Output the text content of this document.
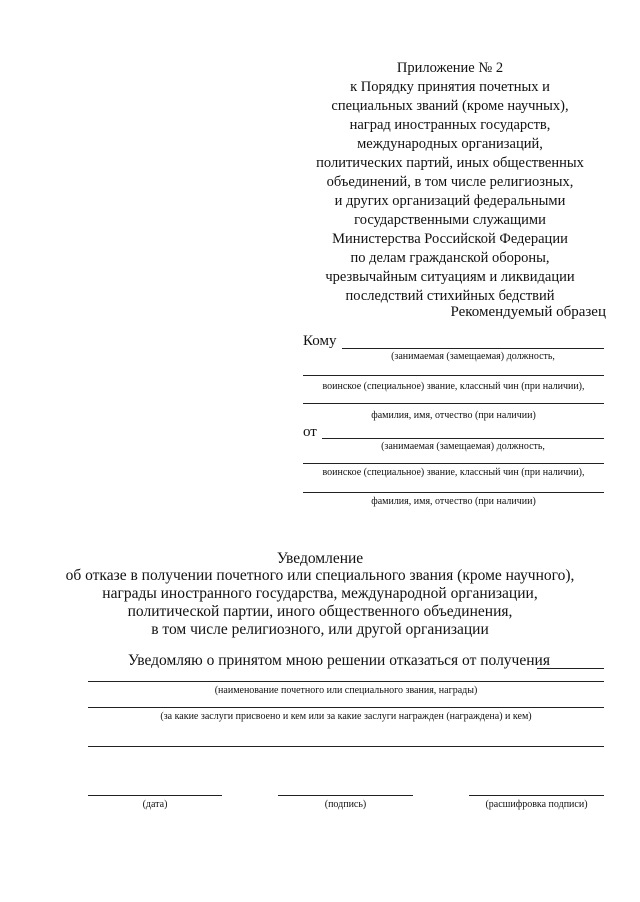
Приложение № 2
к Порядку принятия почетных и
специальных званий (кроме научных),
наград иностранных государств,
международных организаций,
политических партий, иных общественных
объединений, в том числе религиозных,
и других организаций федеральными
государственными служащими
Министерства Российской Федерации
по делам гражданской обороны,
чрезвычайным ситуациям и ликвидации
последствий стихийных бедствий
Рекомендуемый образец
Кому
(занимаемая (замещаемая) должность,
воинское (специальное) звание, классный чин (при наличии),
фамилия, имя, отчество (при наличии)
от
(занимаемая (замещаемая) должность,
воинское (специальное) звание, классный чин (при наличии),
фамилия, имя, отчество (при наличии)
Уведомление
об отказе в получении почетного или специального звания (кроме научного),
награды иностранного государства, международной организации,
политической партии, иного общественного объединения,
в том числе религиозного, или другой организации
Уведомляю о принятом мною решении отказаться от получения
(наименование почетного или специального звания, награды)
(за какие заслуги присвоено и кем или за какие заслуги награжден (награждена) и кем)
(дата)	(подпись)	(расшифровка подписи)
